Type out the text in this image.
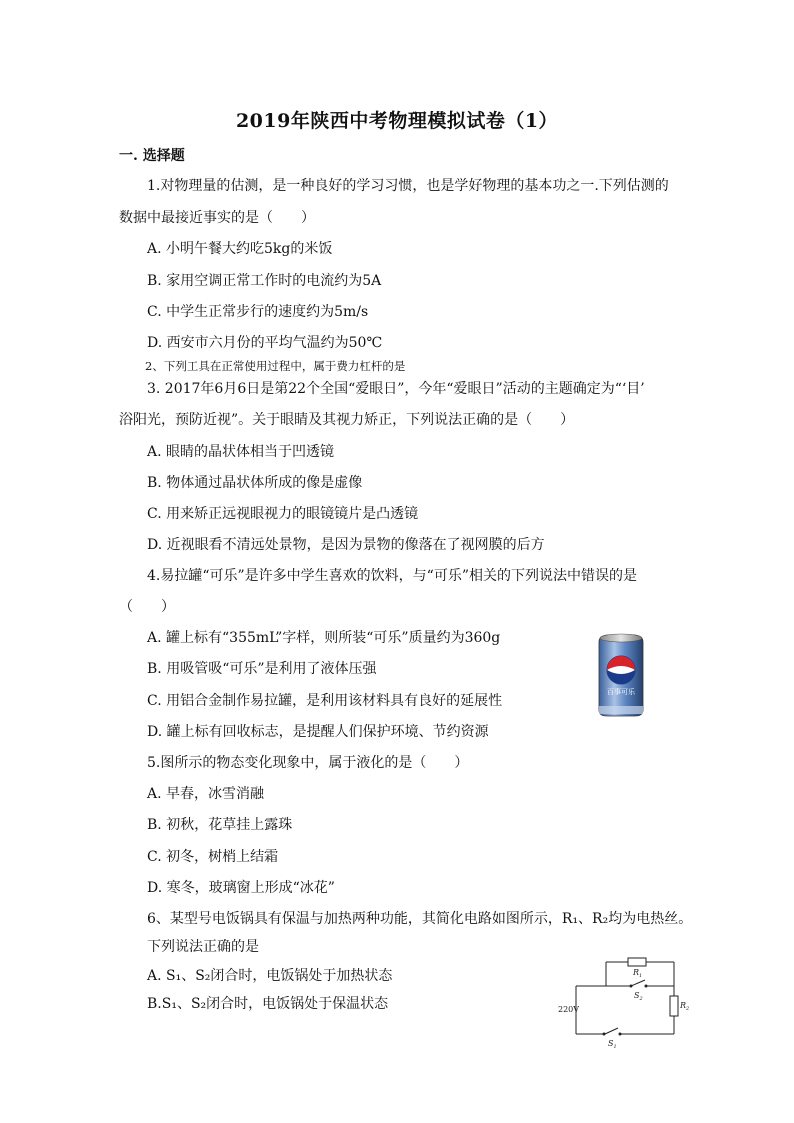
2019年陕西中考物理模拟试卷（1）
一. 选择题
1.对物理量的估测，是一种良好的学习习惯，也是学好物理的基本功之一.下列估测的
数据中最接近事实的是（　　）
A. 小明午餐大约吃5kg的米饭
B. 家用空调正常工作时的电流约为5A
C. 中学生正常步行的速度约为5m/s
D. 西安市六月份的平均气温约为50℃
2、下列工具在正常使用过程中，属于费力杠杆的是
3. 2017年6月6日是第22个全国“爱眼日”，今年“爱眼日”活动的主题确定为“‘目’
浴阳光，预防近视”。关于眼睛及其视力矫正，下列说法正确的是（　　）
A. 眼睛的晶状体相当于凹透镜
B. 物体通过晶状体所成的像是虚像
C. 用来矫正远视眼视力的眼镜镜片是凸透镜
D. 近视眼看不清远处景物，是因为景物的像落在了视网膜的后方
4.易拉罐“可乐”是许多中学生喜欢的饮料，与“可乐”相关的下列说法中错误的是
（　　）
A. 罐上标有“355mL”字样，则所装“可乐”质量约为360g
B. 用吸管吸“可乐”是利用了液体压强
C. 用铝合金制作易拉罐，是利用该材料具有良好的延展性
D. 罐上标有回收标志，是提醒人们保护环境、节约资源
百事可乐
5.图所示的物态变化现象中，属于液化的是（　　）
A. 早春，冰雪消融
B. 初秋，花草挂上露珠
C. 初冬，树梢上结霜
D. 寒冬，玻璃窗上形成“冰花”
6、某型号电饭锅具有保温与加热两种功能，其简化电路如图所示，R₁、R₂均为电热丝。
下列说法正确的是
A. S₁、S₂闭合时，电饭锅处于加热状态
B.S₁、S₂闭合时，电饭锅处于保温状态	220V
$R_1$
$R_2$
$S_2$
$S_1$
